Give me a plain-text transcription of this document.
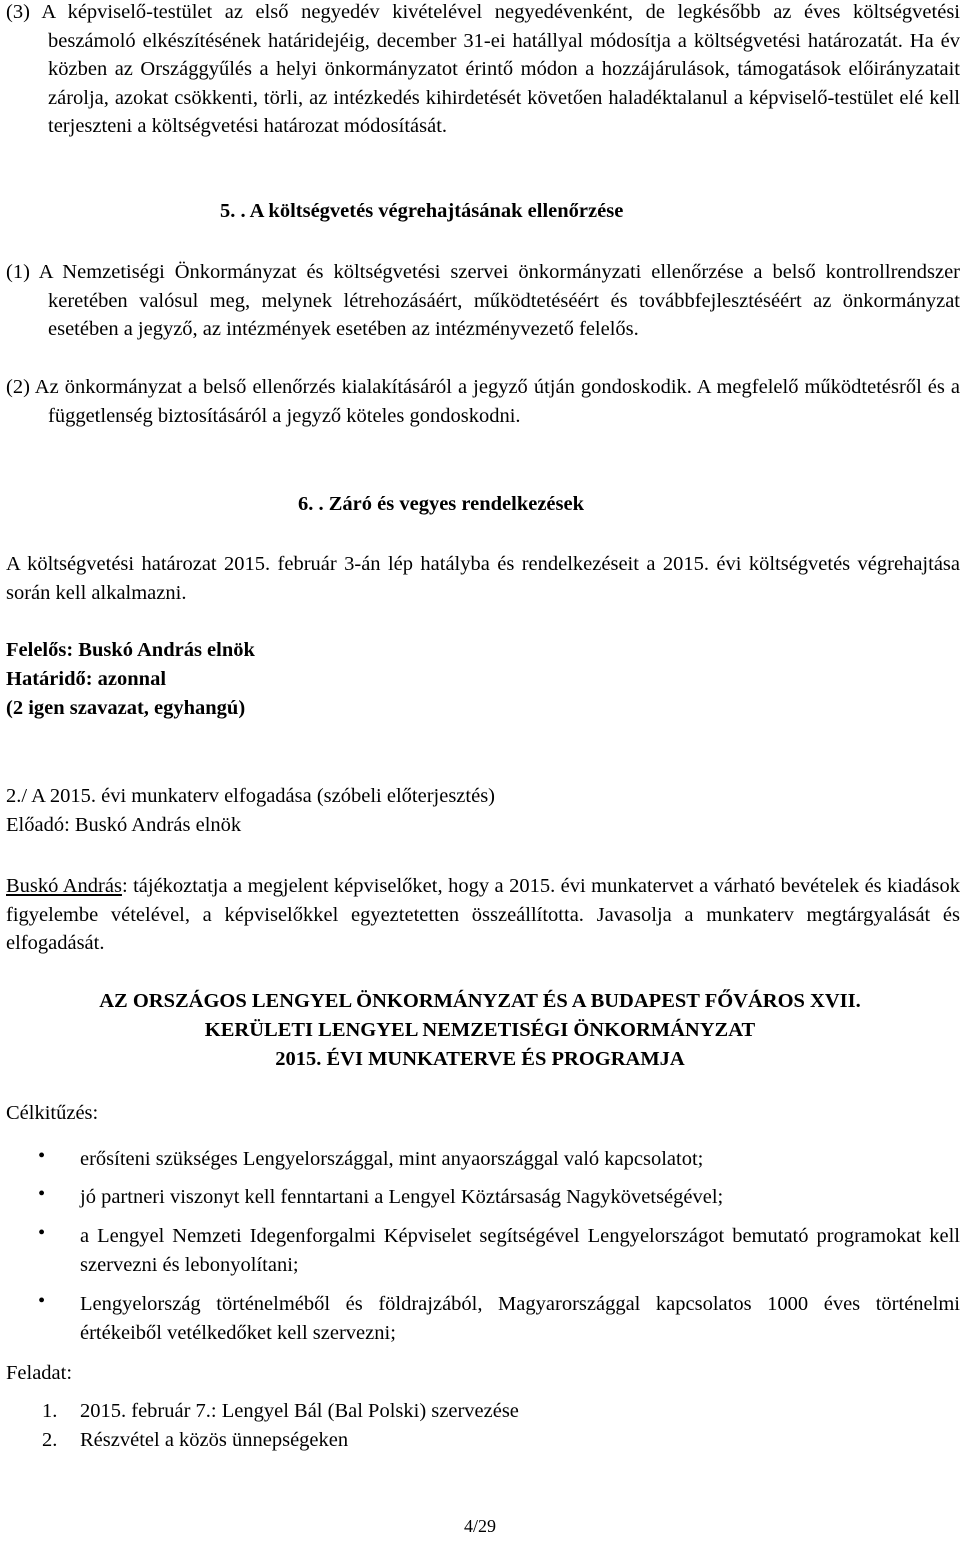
(3) A képviselő-testület az első negyedév kivételével negyedévenként, de legkésőbb az éves költségvetési beszámoló elkészítésének határidejéig, december 31-ei hatállyal módosítja a költségvetési határozatát. Ha év közben az Országgyűlés a helyi önkormányzatot érintő módon a hozzájárulások, támogatások előirányzatait zárolja, azokat csökkenti, törli, az intézkedés kihirdetését követően haladéktalanul a képviselő-testület elé kell terjeszteni a költségvetési határozat módosítását.

5. . A költségvetés végrehajtásának ellenőrzése

(1) A Nemzetiségi Önkormányzat és költségvetési szervei önkormányzati ellenőrzése a belső kontrollrendszer keretében valósul meg, melynek létrehozásáért, működtetéséért és továbbfejlesztéséért az önkormányzat esetében a jegyző, az intézmények esetében az intézményvezető felelős.

(2) Az önkormányzat a belső ellenőrzés kialakításáról a jegyző útján gondoskodik. A megfelelő működtetésről és a függetlenség biztosításáról a jegyző köteles gondoskodni.

6. . Záró és vegyes rendelkezések

A költségvetési határozat 2015. február 3-án lép hatályba és rendelkezéseit a 2015. évi költségvetés végrehajtása során kell alkalmazni.

Felelős: Buskó András elnök
Határidő: azonnal
(2 igen szavazat, egyhangú)
2./ A 2015. évi munkaterv elfogadása (szóbeli előterjesztés)
Előadó: Buskó András elnök

Buskó András: tájékoztatja a megjelent képviselőket, hogy a 2015. évi munkatervet a várható bevételek és kiadások figyelembe vételével, a képviselőkkel egyeztetetten összeállította. Javasolja a munkaterv megtárgyalását és elfogadását.

AZ ORSZÁGOS LENGYEL ÖNKORMÁNYZAT ÉS A BUDAPEST FŐVÁROS XVII.
KERÜLETI LENGYEL NEMZETISÉGI ÖNKORMÁNYZAT
2015. ÉVI MUNKATERVE ÉS PROGRAMJA
Célkitűzés:
• erősíteni szükséges Lengyelországgal, mint anyaországgal való kapcsolatot;
• jó partneri viszonyt kell fenntartani a Lengyel Köztársaság Nagykövetségével;
• a Lengyel Nemzeti Idegenforgalmi Képviselet segítségével Lengyelországot bemutató programokat kell szervezni és lebonyolítani;
• Lengyelország történelméből és földrajzából, Magyarországgal kapcsolatos 1000 éves történelmi értékeiből vetélkedőket kell szervezni;
Feladat:
1. 2015. február 7.: Lengyel Bál (Bal Polski) szervezése
2. Részvétel a közös ünnepségeken
4/29
